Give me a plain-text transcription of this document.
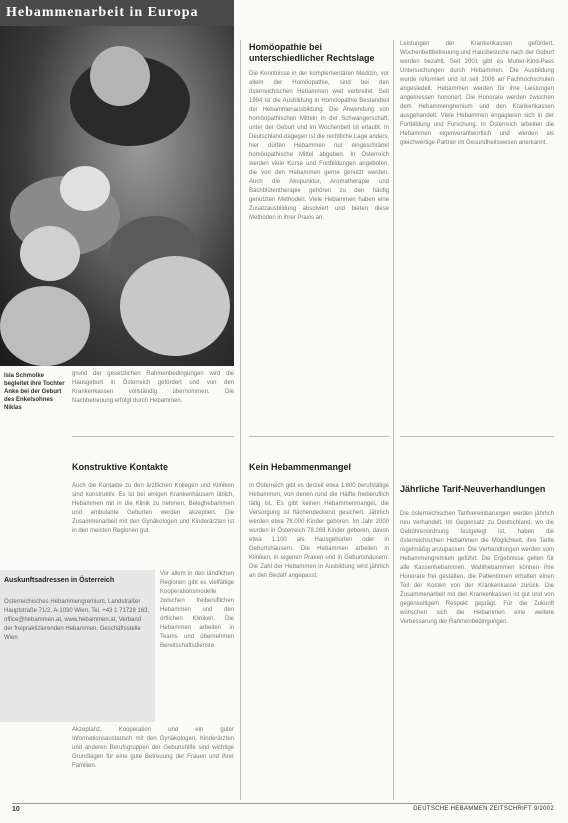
Hebammenarbeit in Europa
Isla Schmolke begleitet ihre Tochter Anke bei der Geburt des Enkelsohnes Niklas
grund der gesetzlichen Rahmenbedingungen wird die Hausgeburt in Österreich gefördert und von den Krankenkassen vollständig übernommen. Die Nachbetreuung erfolgt durch Hebammen.
Konstruktive Kontakte
Auch die Kontakte zu den ärztlichen Kollegen und Kliniken sind konstruktiv. Es ist bei einigen Krankenhäusern üblich, Hebammen mit in die Klinik zu nehmen. Beleghebammen und ambulante Geburten werden akzeptiert. Die Zusammenarbeit mit den Gynäkologen und Kinderärzten ist in den meisten Regionen gut.
Vor allem in den ländlichen Regionen gibt es vielfältige Kooperationsmodelle zwischen freiberuflichen Hebammen und den örtlichen Kliniken. Die Hebammen arbeiten in Teams und übernehmen Bereitschaftsdienste.
Akzeptanz, Kooperation und ein guter Informationsaustausch mit den Gynäkologen, Kinderärzten und anderen Berufsgruppen der Geburtshilfe sind wichtige Grundlagen für eine gute Betreuung der Frauen und ihrer Familien.
Auskunftsadressen in Österreich
Österreichisches Hebammengremium, Landstraßer Hauptstraße 71/2, A-1030 Wien, Tel. +43 1 71728 163, office@hebammen.at, www.hebammen.at, Verband der freipraktizierenden Hebammen, Geschäftsstelle Wien
Homöopathie bei unterschiedlicher Rechtslage
Die Kenntnisse in der komplementären Medizin, vor allem der Homöopathie, sind bei den österreichischen Hebammen weit verbreitet. Seit 1994 ist die Ausbildung in Homöopathie Bestandteil der Hebammenausbildung. Die Anwendung von homöopathischen Mitteln in der Schwangerschaft, unter der Geburt und im Wochenbett ist erlaubt. In Deutschland dagegen ist die rechtliche Lage anders, hier dürfen Hebammen nur eingeschränkt homöopathische Mittel abgeben. In Österreich werden viele Kurse und Fortbildungen angeboten, die von den Hebammen gerne genutzt werden. Auch die Akupunktur, Aromatherapie und Bachblütentherapie gehören zu den häufig genutzten Methoden. Viele Hebammen haben eine Zusatzausbildung absolviert und bieten diese Methoden in ihrer Praxis an.
Kein Hebammenmangel
In Österreich gibt es derzeit etwa 1.800 berufstätige Hebammen, von denen rund die Hälfte freiberuflich tätig ist. Es gibt keinen Hebammenmangel, die Versorgung ist flächendeckend gesichert. Jährlich werden etwa 78.000 Kinder geboren. Im Jahr 2000 wurden in Österreich 78.268 Kinder geboren, davon etwa 1.100 als Hausgeburten oder in Geburtshäusern. Die Hebammen arbeiten in Kliniken, in eigenen Praxen und in Geburtshäusern. Die Zahl der Hebammen in Ausbildung wird jährlich an den Bedarf angepasst.
Leistungen der Krankenkassen gefördert. Wochenbettbetreuung und Hausbesuche nach der Geburt werden bezahlt. Seit 2001 gibt es Mutter-Kind-Pass Untersuchungen durch Hebammen. Die Ausbildung wurde reformiert und ist seit 2006 an Fachhochschulen angesiedelt. Hebammen werden für ihre Leistungen angemessen honoriert. Die Honorare werden zwischen dem Hebammengremium und den Krankenkassen ausgehandelt. Viele Hebammen engagieren sich in der Fortbildung und Forschung. In Österreich arbeiten die Hebammen eigenverantwortlich und werden als gleichwertige Partner im Gesundheitswesen anerkannt.
Jährliche Tarif-Neuverhandlungen
Die österreichischen Tarifvereinbarungen werden jährlich neu verhandelt. Im Gegensatz zu Deutschland, wo die Gebührenordnung festgelegt ist, haben die österreichischen Hebammen die Möglichkeit, ihre Tarife regelmäßig anzupassen. Die Verhandlungen werden vom Hebammengremium geführt. Die Ergebnisse gelten für alle Kassenhebammen. Wahlhebammen können ihre Honorare frei gestalten, die Patientinnen erhalten einen Teil der Kosten von der Krankenkasse zurück. Die Zusammenarbeit mit den Krankenkassen ist gut und von gegenseitigem Respekt geprägt. Für die Zukunft wünschen sich die Hebammen eine weitere Verbesserung der Rahmenbedingungen.
10	DEUTSCHE HEBAMMEN ZEITSCHRIFT 9/2002
